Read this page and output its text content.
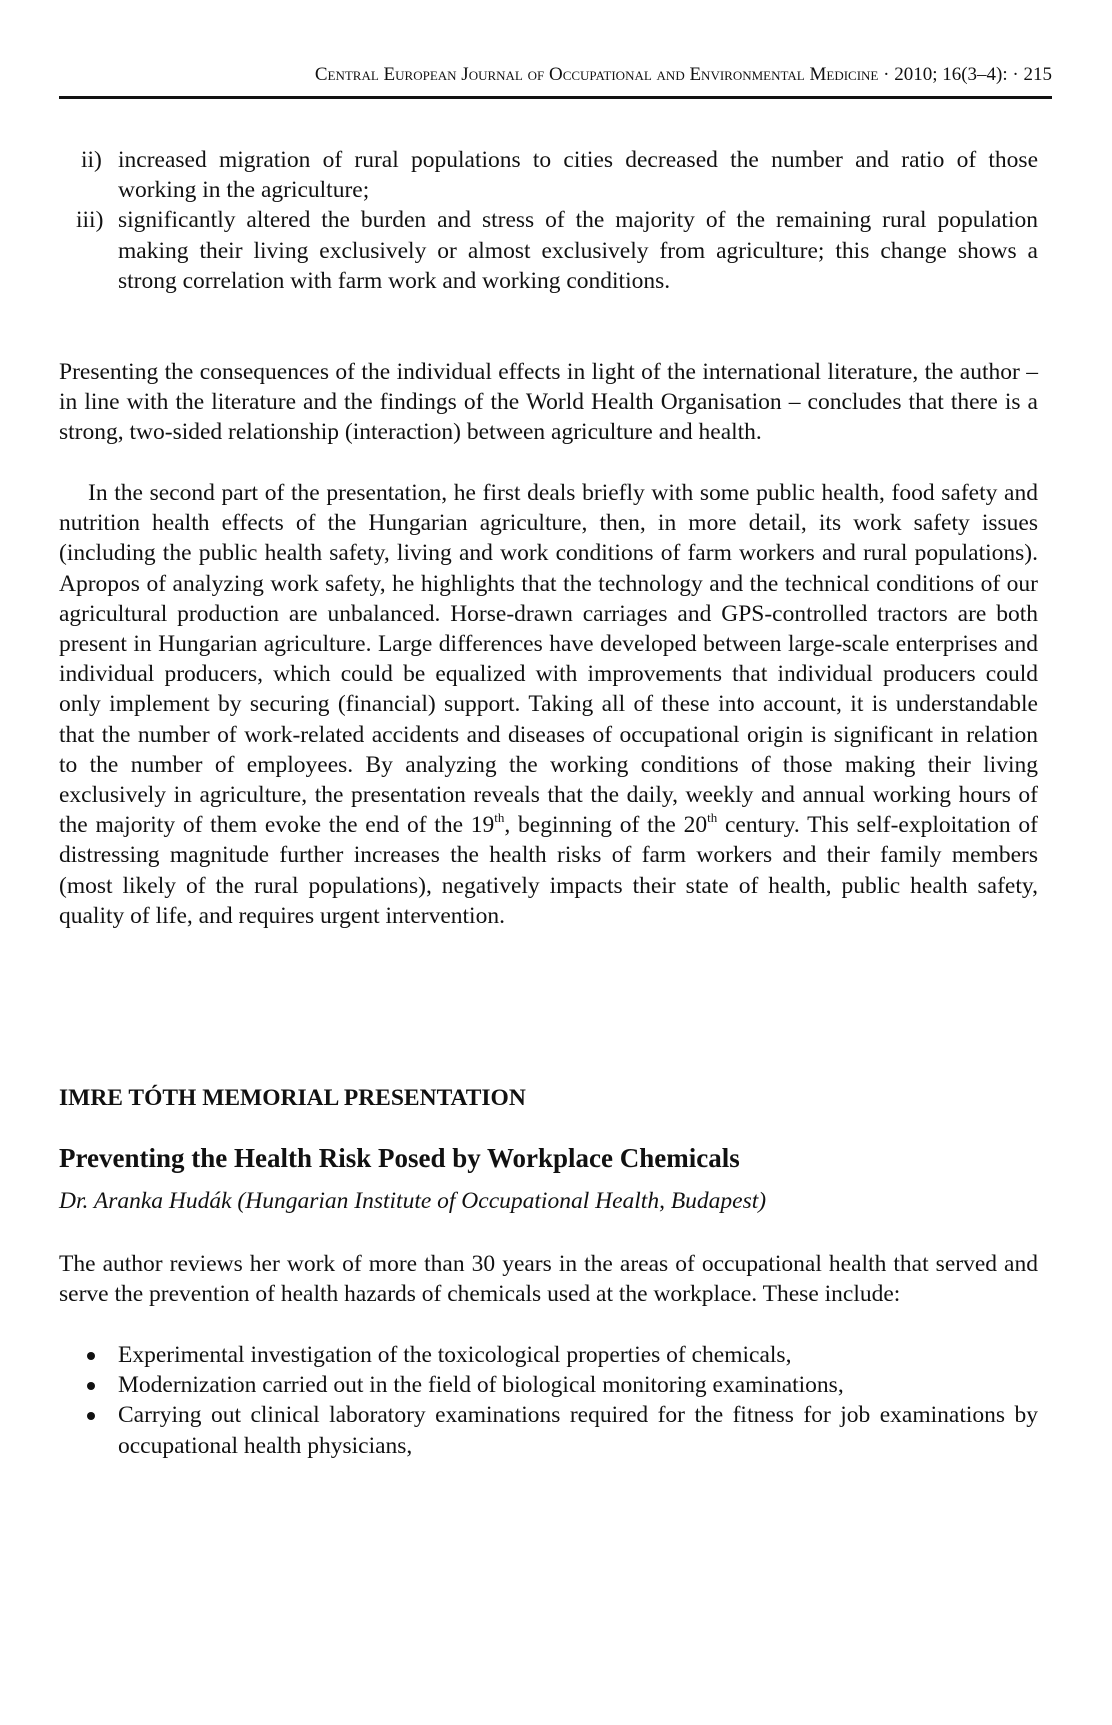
Central European Journal of Occupational and Environmental Medicine · 2010; 16(3–4): · 215
ii) increased migration of rural populations to cities decreased the number and ratio of those working in the agriculture;
iii) significantly altered the burden and stress of the majority of the remaining rural population making their living exclusively or almost exclusively from agriculture; this change shows a strong correlation with farm work and working conditions.

Presenting the consequences of the individual effects in light of the international literature, the author – in line with the literature and the findings of the World Health Organisation – concludes that there is a strong, two-sided relationship (interaction) between agriculture and health.

In the second part of the presentation, he first deals briefly with some public health, food safety and nutrition health effects of the Hungarian agriculture, then, in more detail, its work safety issues (including the public health safety, living and work conditions of farm workers and rural populations). Apropos of analyzing work safety, he highlights that the technology and the technical conditions of our agricultural production are unbalanced. Horse-drawn carriages and GPS-controlled tractors are both present in Hungarian agriculture. Large differences have developed between large-scale enterprises and individual producers, which could be equalized with improvements that individual producers could only implement by securing (financial) support. Taking all of these into account, it is understandable that the number of work-related accidents and diseases of occupational origin is significant in relation to the number of employees. By analyzing the working conditions of those making their living exclusively in agriculture, the presentation reveals that the daily, weekly and annual working hours of the majority of them evoke the end of the 19th, beginning of the 20th century. This self-exploitation of distressing magnitude further increases the health risks of farm workers and their family members (most likely of the rural populations), negatively impacts their state of health, public health safety, quality of life, and requires urgent intervention.

IMRE TÓTH MEMORIAL PRESENTATION
Preventing the Health Risk Posed by Workplace Chemicals

Dr. Aranka Hudák (Hungarian Institute of Occupational Health, Budapest)

The author reviews her work of more than 30 years in the areas of occupational health that served and serve the prevention of health hazards of chemicals used at the workplace. These include:

Experimental investigation of the toxicological properties of chemicals,
Modernization carried out in the field of biological monitoring examinations,
Carrying out clinical laboratory examinations required for the fitness for job examinations by occupational health physicians,
